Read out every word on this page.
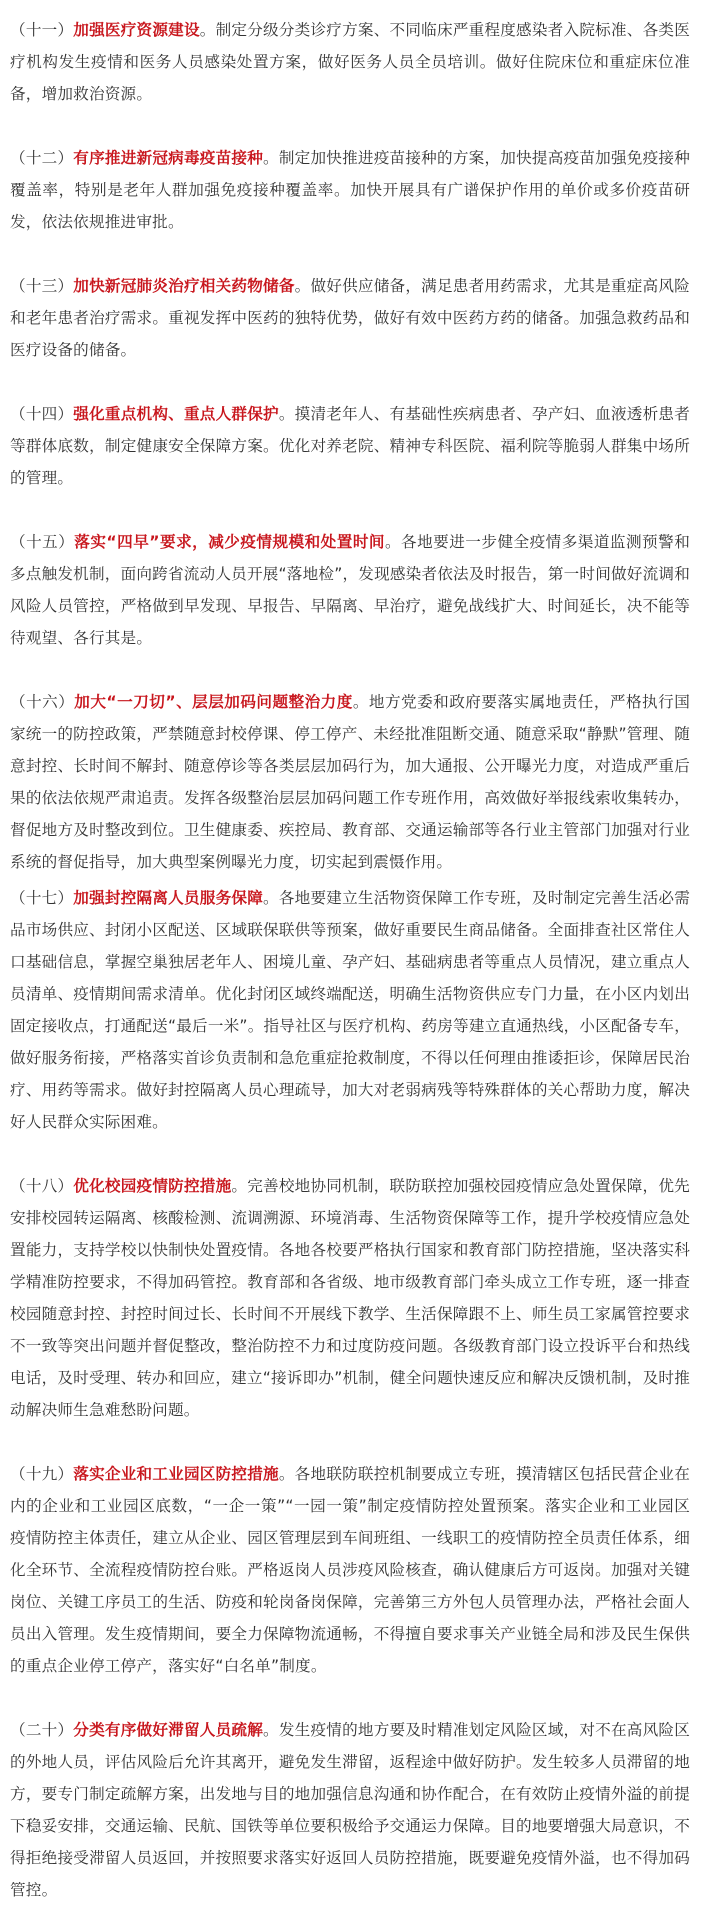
（十一）加强医疗资源建设。制定分级分类诊疗方案、不同临床严重程度感染者入院标准、各类医疗机构发生疫情和医务人员感染处置方案，做好医务人员全员培训。做好住院床位和重症床位准备，增加救治资源。

（十二）有序推进新冠病毒疫苗接种。制定加快推进疫苗接种的方案，加快提高疫苗加强免疫接种覆盖率，特别是老年人群加强免疫接种覆盖率。加快开展具有广谱保护作用的单价或多价疫苗研发，依法依规推进审批。

（十三）加快新冠肺炎治疗相关药物储备。做好供应储备，满足患者用药需求，尤其是重症高风险和老年患者治疗需求。重视发挥中医药的独特优势，做好有效中医药方药的储备。加强急救药品和医疗设备的储备。

（十四）强化重点机构、重点人群保护。摸清老年人、有基础性疾病患者、孕产妇、血液透析患者等群体底数，制定健康安全保障方案。优化对养老院、精神专科医院、福利院等脆弱人群集中场所的管理。

（十五）落实“四早”要求，减少疫情规模和处置时间。各地要进一步健全疫情多渠道监测预警和多点触发机制，面向跨省流动人员开展“落地检”，发现感染者依法及时报告，第一时间做好流调和风险人员管控，严格做到早发现、早报告、早隔离、早治疗，避免战线扩大、时间延长，决不能等待观望、各行其是。

（十六）加大“一刀切”、层层加码问题整治力度。地方党委和政府要落实属地责任，严格执行国家统一的防控政策，严禁随意封校停课、停工停产、未经批准阻断交通、随意采取“静默”管理、随意封控、长时间不解封、随意停诊等各类层层加码行为，加大通报、公开曝光力度，对造成严重后果的依法依规严肃追责。发挥各级整治层层加码问题工作专班作用，高效做好举报线索收集转办，督促地方及时整改到位。卫生健康委、疾控局、教育部、交通运输部等各行业主管部门加强对行业系统的督促指导，加大典型案例曝光力度，切实起到震慑作用。

（十七）加强封控隔离人员服务保障。各地要建立生活物资保障工作专班，及时制定完善生活必需品市场供应、封闭小区配送、区域联保联供等预案，做好重要民生商品储备。全面排查社区常住人口基础信息，掌握空巢独居老年人、困境儿童、孕产妇、基础病患者等重点人员情况，建立重点人员清单、疫情期间需求清单。优化封闭区域终端配送，明确生活物资供应专门力量，在小区内划出固定接收点，打通配送“最后一米”。指导社区与医疗机构、药房等建立直通热线，小区配备专车，做好服务衔接，严格落实首诊负责制和急危重症抢救制度，不得以任何理由推诿拒诊，保障居民治疗、用药等需求。做好封控隔离人员心理疏导，加大对老弱病残等特殊群体的关心帮助力度，解决好人民群众实际困难。

（十八）优化校园疫情防控措施。完善校地协同机制，联防联控加强校园疫情应急处置保障，优先安排校园转运隔离、核酸检测、流调溯源、环境消毒、生活物资保障等工作，提升学校疫情应急处置能力，支持学校以快制快处置疫情。各地各校要严格执行国家和教育部门防控措施，坚决落实科学精准防控要求，不得加码管控。教育部和各省级、地市级教育部门牵头成立工作专班，逐一排查校园随意封控、封控时间过长、长时间不开展线下教学、生活保障跟不上、师生员工家属管控要求不一致等突出问题并督促整改，整治防控不力和过度防疫问题。各级教育部门设立投诉平台和热线电话，及时受理、转办和回应，建立“接诉即办”机制，健全问题快速反应和解决反馈机制，及时推动解决师生急难愁盼问题。

（十九）落实企业和工业园区防控措施。各地联防联控机制要成立专班，摸清辖区包括民营企业在内的企业和工业园区底数，“一企一策”“一园一策”制定疫情防控处置预案。落实企业和工业园区疫情防控主体责任，建立从企业、园区管理层到车间班组、一线职工的疫情防控全员责任体系，细化全环节、全流程疫情防控台账。严格返岗人员涉疫风险核查，确认健康后方可返岗。加强对关键岗位、关键工序员工的生活、防疫和轮岗备岗保障，完善第三方外包人员管理办法，严格社会面人员出入管理。发生疫情期间，要全力保障物流通畅，不得擅自要求事关产业链全局和涉及民生保供的重点企业停工停产，落实好“白名单”制度。

（二十）分类有序做好滞留人员疏解。发生疫情的地方要及时精准划定风险区域，对不在高风险区的外地人员，评估风险后允许其离开，避免发生滞留，返程途中做好防护。发生较多人员滞留的地方，要专门制定疏解方案，出发地与目的地加强信息沟通和协作配合，在有效防止疫情外溢的前提下稳妥安排，交通运输、民航、国铁等单位要积极给予交通运力保障。目的地要增强大局意识，不得拒绝接受滞留人员返回，并按照要求落实好返回人员防控措施，既要避免疫情外溢，也不得加码管控。
